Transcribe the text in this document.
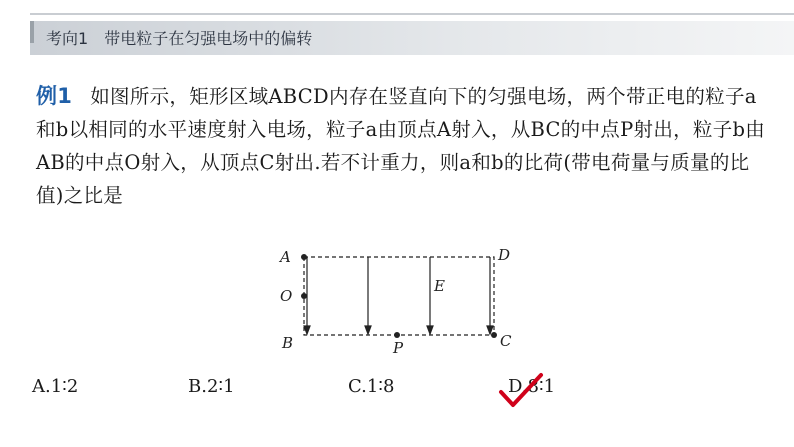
考向1 带电粒子在匀强电场中的偏转
例1 如图所示，矩形区域ABCD内存在竖直向下的匀强电场，两个带正电的粒子a和b以相同的水平速度射入电场，粒子a由顶点A射入，从BC的中点P射出，粒子b由AB的中点O射入，从顶点C射出.若不计重力，则a和b的比荷(带电荷量与质量的比值)之比是
A
O
B
D
C
P
E
A.1∶2	B.2∶1	C.1∶8	D.8∶1
